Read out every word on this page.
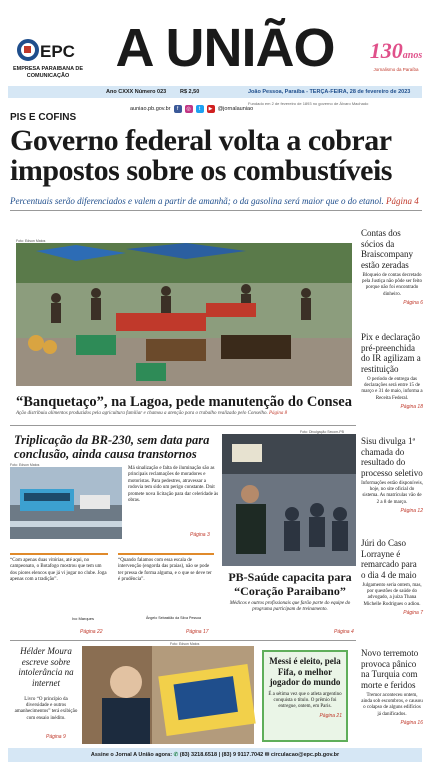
EPC
EMPRESA PARAIBANA DE COMUNICAÇÃO A UNIÃO	130anos
Jornalismo da Paraíba
Ano CXXX Número 023	R$ 2,50	João Pessoa, Paraíba - TERÇA-FEIRA, 28 de fevereiro de 2023
Fundado em 2 de fevereiro de 1893 no governo de Álvaro Machado
auniao.pb.gov.br	f	◎	t	▶ @jornalauniao
PIS E COFINS
Governo federal volta a cobrar impostos sobre os combustíveis
Percentuais serão diferenciados e valem a partir de amanhã; o da gasolina será maior que o do etanol. Página 4
Foto: Edson Matos
“Banquetaço”, na Lagoa, pede manutenção do Consea
Ação distribuiu alimentos produzidos pela agricultura familiar e chamou a atenção para o trabalho realizado pelo Conselho. Página 8
Contas dos sócios da Braiscompany estão zeradas
Bloqueio de contas decretado pela Justiça não pôde ser feito porque não foi encontrado dinheiro.
Página 6
Pix e declaração pré-preenchida do IR agilizam a restituição
O período de entrega das declarações será entre 15 de março e 31 de maio, informa a Receita Federal.
Página 18
Sisu divulga 1ª chamada do resultado do processo seletivo
Informações estão disponíveis, hoje, no site oficial do sistema. As matrículas vão de 2 a 8 de março.
Página 12
Júri do Caso Lorrayne é remarcado para o dia 4 de maio
Julgamento seria ontem, mas, por questões de saúde do advogado, a juíza Thana Michelle Rodrigues o adiou.
Página 7
Novo terremoto provoca pânico na Turquia com morte e feridos
Tremor aconteceu ontem, ainda sob escombros, e causou o colapso de alguns edifícios já danificados.
Página 16
Triplicação da BR-230, sem data para conclusão, ainda causa transtornos
Foto: Edson Matos
Má sinalização e falta de iluminação são as principais reclamações de moradores e motoristas. Para pedestres, atravessar a rodovia tem sido um perigo constante. Dnit promete nova licitação para dar celeridade às obras.
Página 3
“Com apenas duas vitórias, até aqui, no campeonato, o Botafogo mostrou que tem um dos piores elencos que já vi jogar no clube. Joga apenas com a tradição”.
Ivo Marques
“Quando falamos com essa escala de intervenção (engorda das praias), não se pode ter pressa de forma alguma, e o que se deve ter é prudência”.
Ângelo Sebastião da Silva Pessoa
Página 22	Página 17
Foto: Divulgação Secom-PB
PB-Saúde capacita para “Coração Paraibano”
Médicos e outros profissionais que farão parte do equipe do programa participam de treinamento.
Página 4
Hélder Moura escreve sobre intolerância na internet
Livro “O princípio da diversidade e outros amanhecimentos” terá exibição com ensaio inédito.
Página 9
Foto: Edson Matos
Messi é eleito, pela Fifa, o melhor jogador do mundo
É a sétima vez que o atleta argentino conquista o título. O prêmio foi entregue, ontem, em Paris.
Página 21
Assine o Jornal A União agora: ✆ (83) 3218.6518 | (83) 9 9117.7042 ✉ circulacao@epc.pb.gov.br
